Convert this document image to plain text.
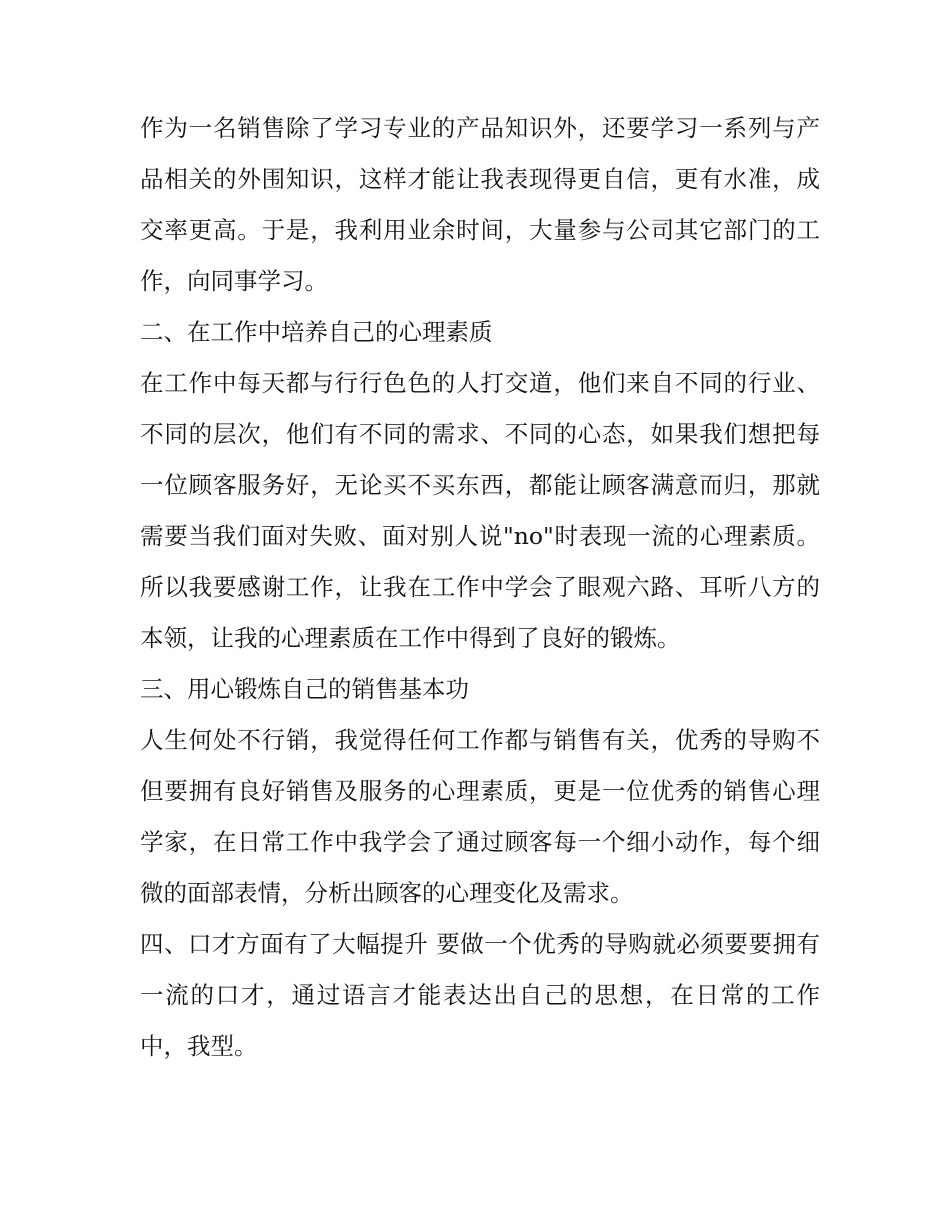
作为一名销售除了学习专业的产品知识外，还要学习一系列与产品相关的外围知识，这样才能让我表现得更自信，更有水准，成交率更高。于是，我利用业余时间，大量参与公司其它部门的工作，向同事学习。

二、在工作中培养自己的心理素质

在工作中每天都与行行色色的人打交道，他们来自不同的行业、不同的层次，他们有不同的需求、不同的心态，如果我们想把每一位顾客服务好，无论买不买东西，都能让顾客满意而归，那就需要当我们面对失败、面对别人说"no"时表现一流的心理素质。所以我要感谢工作，让我在工作中学会了眼观六路、耳听八方的本领，让我的心理素质在工作中得到了良好的锻炼。

三、用心锻炼自己的销售基本功

人生何处不行销，我觉得任何工作都与销售有关，优秀的导购不但要拥有良好销售及服务的心理素质，更是一位优秀的销售心理学家，在日常工作中我学会了通过顾客每一个细小动作，每个细微的面部表情，分析出顾客的心理变化及需求。

四、口才方面有了大幅提升 要做一个优秀的导购就必须要要拥有一流的口才，通过语言才能表达出自己的思想，在日常的工作中，我型。
